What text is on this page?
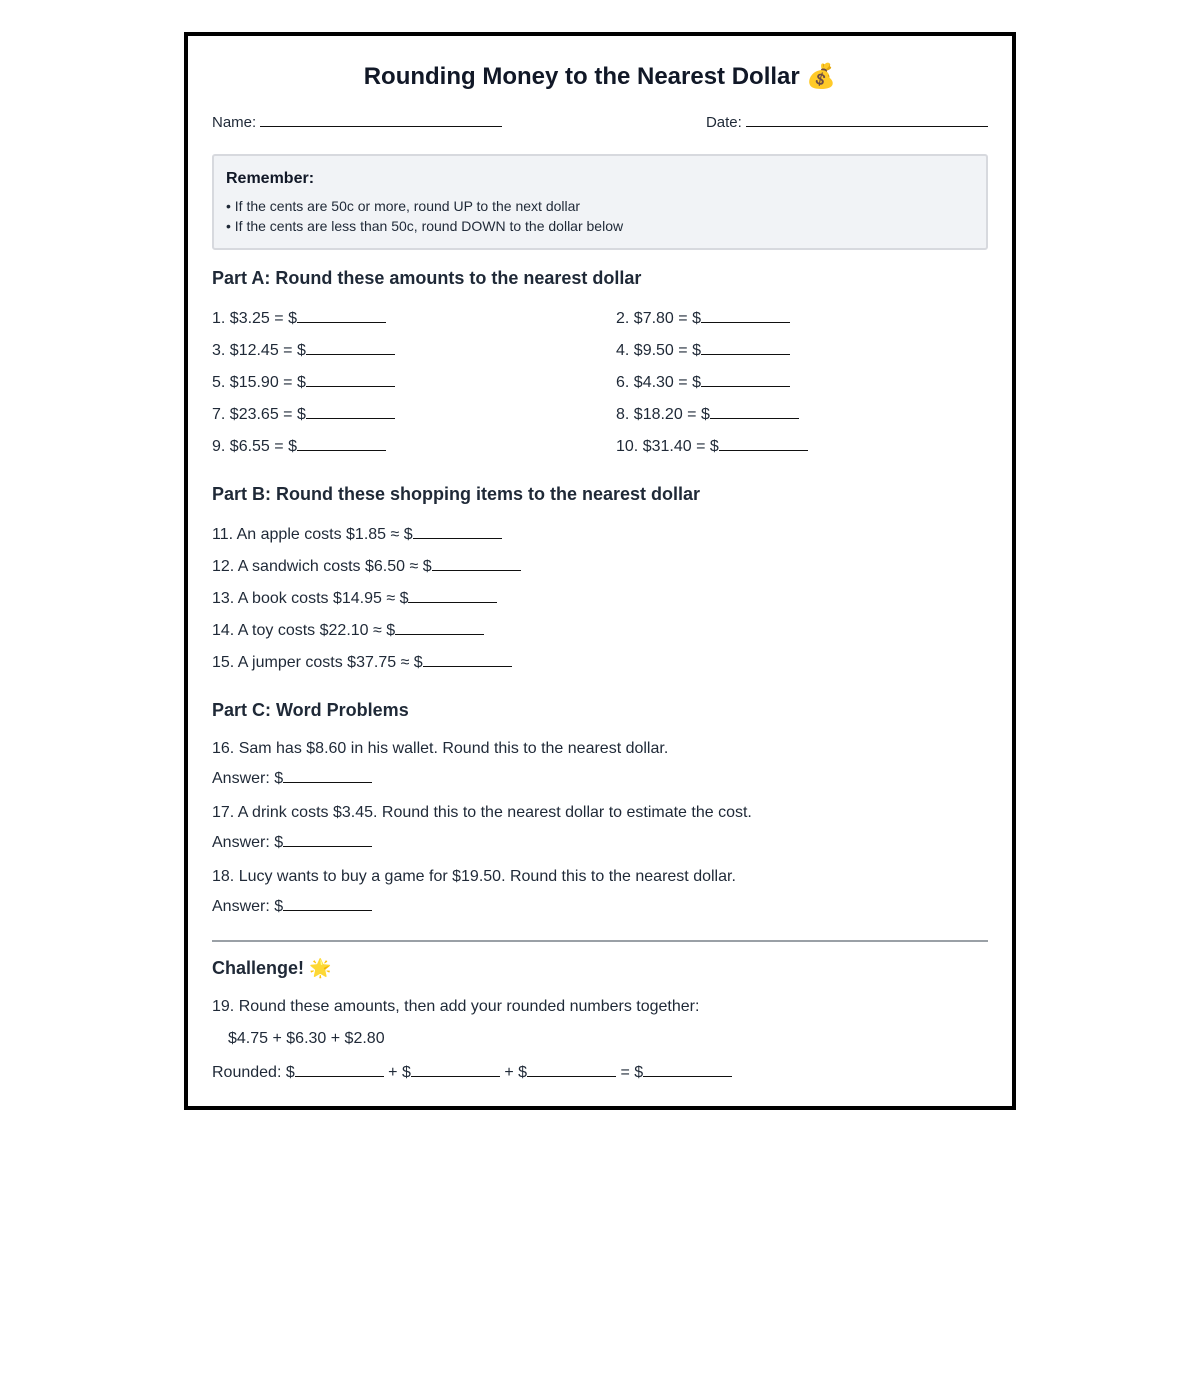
Rounding Money to the Nearest Dollar 💰
Name:	Date:
Remember:
• If the cents are 50c or more, round UP to the next dollar
• If the cents are less than 50c, round DOWN to the dollar below
Part A: Round these amounts to the nearest dollar
1. $3.25 = $	2. $7.80 = $
3. $12.45 = $	4. $9.50 = $
5. $15.90 = $	6. $4.30 = $
7. $23.65 = $	8. $18.20 = $
9. $6.55 = $	10. $31.40 = $
Part B: Round these shopping items to the nearest dollar
11. An apple costs $1.85 ≈ $
12. A sandwich costs $6.50 ≈ $
13. A book costs $14.95 ≈ $
14. A toy costs $22.10 ≈ $
15. A jumper costs $37.75 ≈ $
Part C: Word Problems
16. Sam has $8.60 in his wallet. Round this to the nearest dollar.
Answer: $
17. A drink costs $3.45. Round this to the nearest dollar to estimate the cost.
Answer: $
18. Lucy wants to buy a game for $19.50. Round this to the nearest dollar.
Answer: $
Challenge! 🌟
19. Round these amounts, then add your rounded numbers together:
$4.75 + $6.30 + $2.80
Rounded: $	+ $	+ $	= $
